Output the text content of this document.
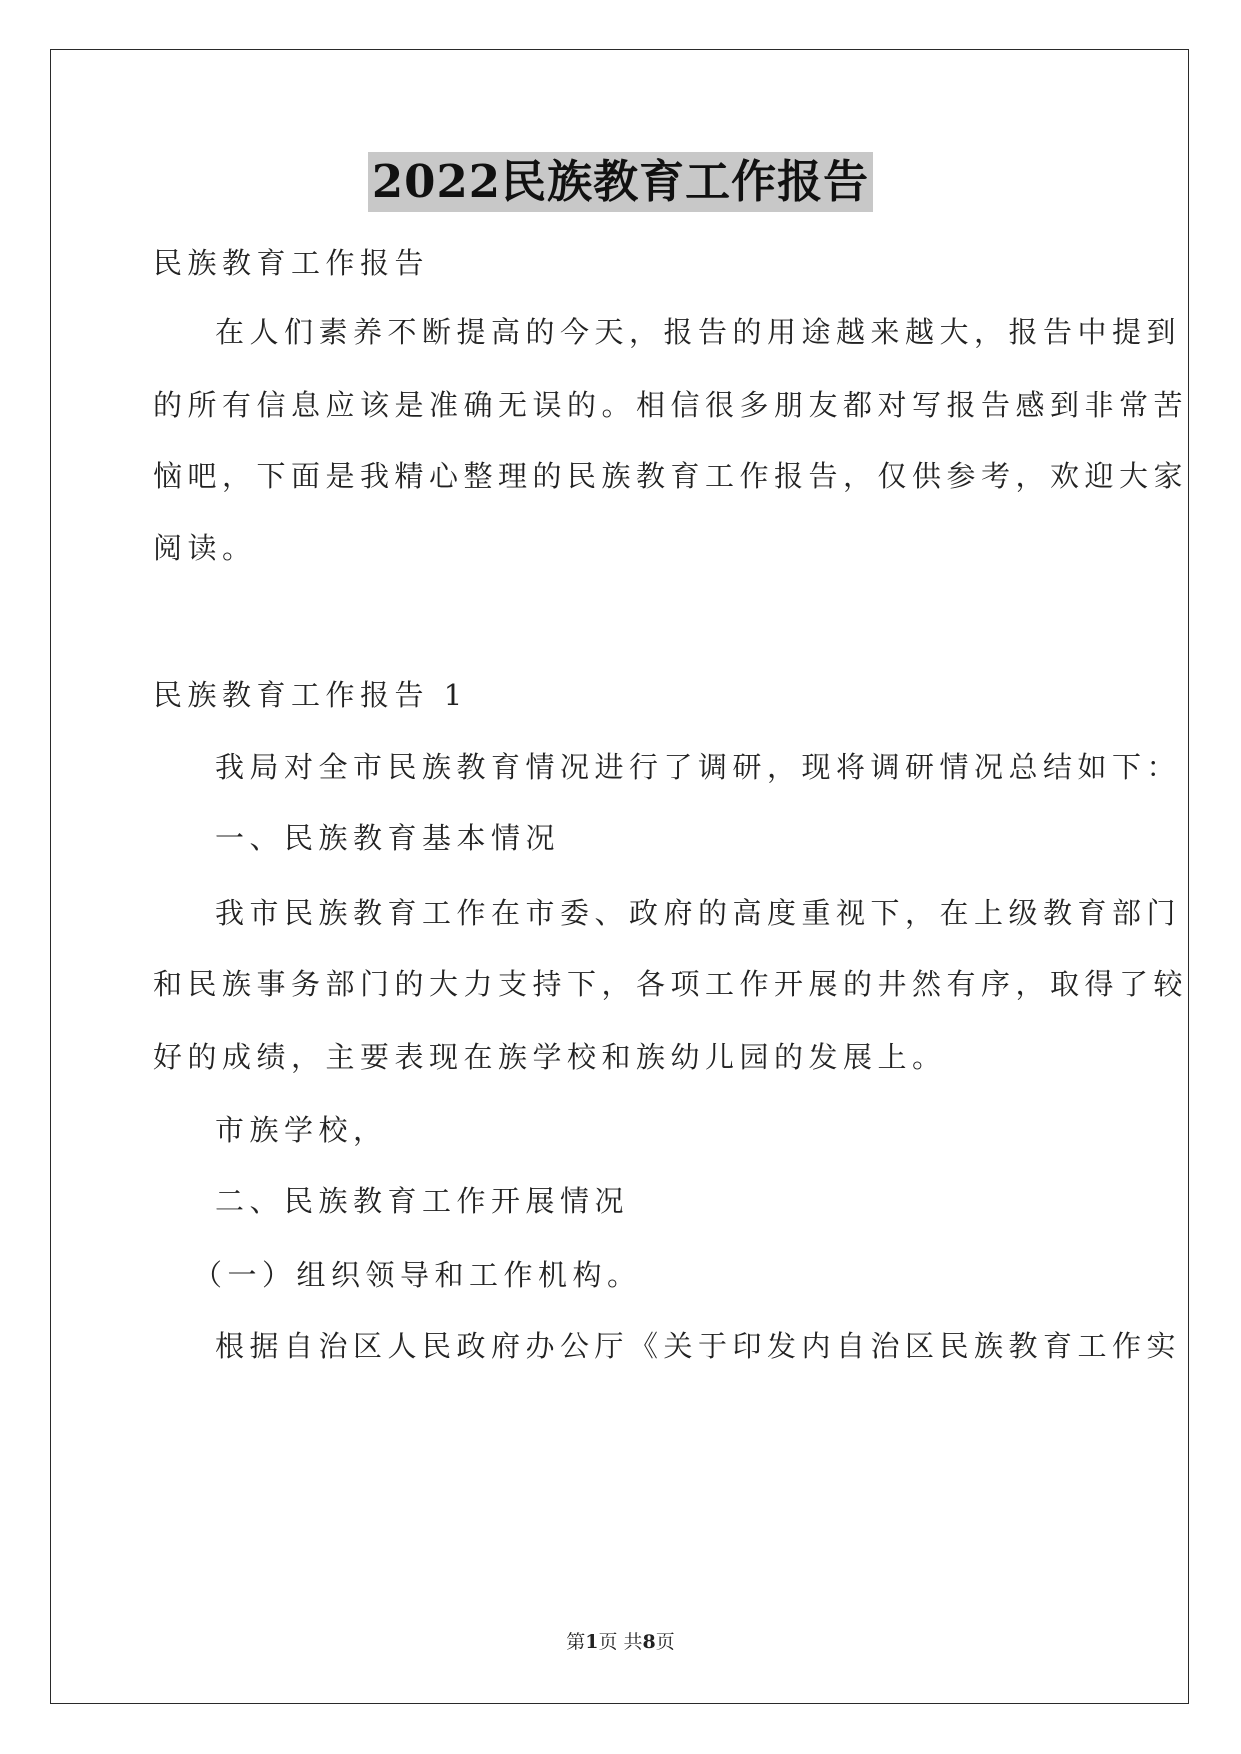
2022民族教育工作报告
民族教育工作报告
在人们素养不断提高的今天，报告的用途越来越大，报告中提到
的所有信息应该是准确无误的。相信很多朋友都对写报告感到非常苦
恼吧，下面是我精心整理的民族教育工作报告，仅供参考，欢迎大家
阅读。
民族教育工作报告 1
我局对全市民族教育情况进行了调研，现将调研情况总结如下：
一、民族教育基本情况
我市民族教育工作在市委、政府的高度重视下，在上级教育部门
和民族事务部门的大力支持下，各项工作开展的井然有序，取得了较
好的成绩，主要表现在族学校和族幼儿园的发展上。
市族学校，
二、民族教育工作开展情况
（一）组织领导和工作机构。
根据自治区人民政府办公厅《关于印发内自治区民族教育工作实
第1页 共8页
